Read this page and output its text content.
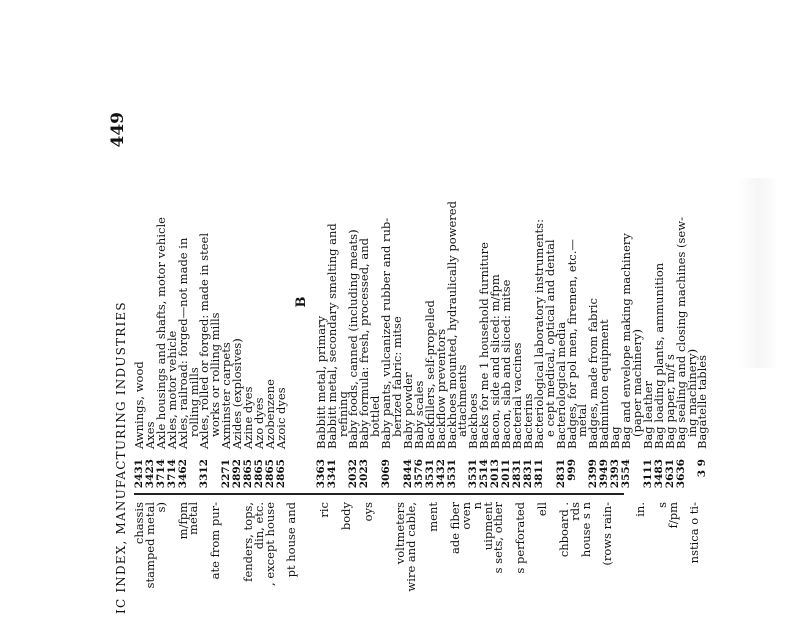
IC INDEX, MANUFACTURING INDUSTRIES
449
chassis
stamped metal
s)
m/fpm
metal
ate from pur-

fenders, tops,
din, etc.
, except house
pt house and

ric
body
oys

voltmeters
wire and cable,
ment
ade fiber
oven
n
uipment
s sets, other
s perforated
ell
chboard .
rds
house s n
(rows rain-

in.
s
f/pm
nstica o ti-
2431
Awnings, wood
3423
Axes
3714
Axle housings and shafts, motor vehicle
3714
Axles, motor vehicle
3462
Axles, railroad: forged—not made in
rolling mills
3312
Axles, rolled or forged: made in steel
works or rolling mills
2271
Axminster carpets
2892
Azides (explosives)
2865
Azine dyes
2865
Azo dyes
2865
Azobenzene
2865
Azoic dyes
B
3363
Babbitt metal, primary
3341
Babbitt metal, secondary smelting and
refining
2032
Baby foods, canned (including meats)
2023
Baby formula: fresh, processed, and
bottled
3069
Baby pants, vulcanized rubber and rub-
berized fabric: mitse
2844
Baby powder
3576
Baby scales
3531
Backfillers, self-propelled
3432
Backflow preventors
3531
Backhoes mounted, hydraulically powered
attachments
3531
Backhoes
2514
Backs for me 1 household furniture
2013
Bacon, side and sliced: m/fpm
2011
Bacon, slab and sliced: mitse
2831
Bacterial vaccines
2831
Bacterins
3811
Bacteriological laboratory instruments:
e cept medical, optical and dental
2831
Bacteriological media
999
Badges, for pol men, firemen, etc.—
metal
2399
Badges, made from fabric
3949
Badminton equipment
2393
Bag
3554
Bag and envelope making machinery
(paper machinery)
3111
Bag leather
3483
Bag loading plants, ammunition
2631
Bag paper, m/f s
3636
Bag sealing and closing machines (sew-
ing machinery)
3 9
Bagatelle tables
